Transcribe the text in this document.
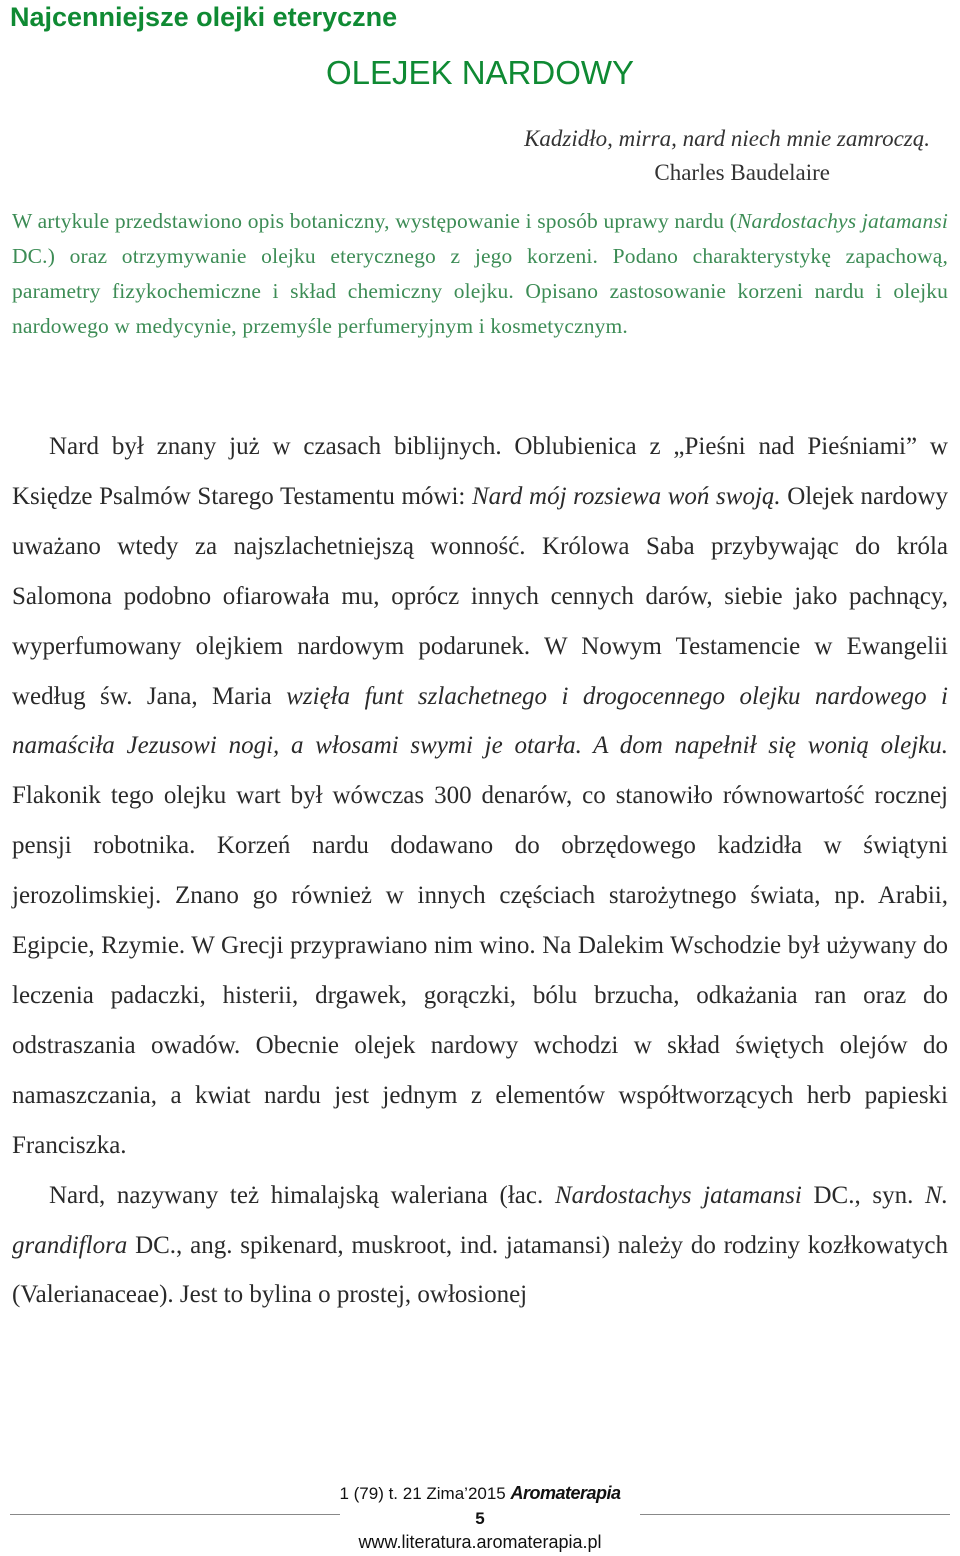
Najcenniejsze olejki eteryczne
OLEJEK NARDOWY
Kadzidło, mirra, nard niech mnie zamroczą.
Charles Baudelaire

W artykule przedstawiono opis botaniczny, występowanie i sposób uprawy nardu (Nardostachys jatamansi DC.) oraz otrzymywanie olejku eterycznego z jego korzeni. Podano charakterystykę zapachową, parametry fizykochemiczne i skład chemiczny olejku. Opisano zastosowanie korzeni nardu i olejku nardowego w medycynie, przemyśle perfumeryjnym i kosmetycznym.

Nard był znany już w czasach biblijnych. Oblubienica z „Pieśni nad Pieśniami” w Księdze Psalmów Starego Testamentu mówi: Nard mój rozsiewa woń swoją. Olejek nardowy uważano wtedy za najszlachetniejszą wonność. Królowa Saba przybywając do króla Salomona podobno ofiarowała mu, oprócz innych cennych darów, siebie jako pachnący, wyperfumowany olejkiem nardowym podarunek. W Nowym Testamencie w Ewangelii według św. Jana, Maria wzięła funt szlachetnego i drogocennego olejku nardowego i namaściła Jezusowi nogi, a włosami swymi je otarła. A dom napełnił się wonią olejku. Flakonik tego olejku wart był wówczas 300 denarów, co stanowiło równowartość rocznej pensji robotnika. Korzeń nardu dodawano do obrzędowego kadzidła w świątyni jerozolimskiej. Znano go również w innych częściach starożytnego świata, np. Arabii, Egipcie, Rzymie. W Grecji przyprawiano nim wino. Na Dalekim Wschodzie był używany do leczenia padaczki, histerii, drgawek, gorączki, bólu brzucha, odkażania ran oraz do odstraszania owadów. Obecnie olejek nardowy wchodzi w skład świętych olejów do namaszczania, a kwiat nardu jest jednym z elementów współtworzących herb papieski Franciszka.

Nard, nazywany też himalajską waleriana (łac. Nardostachys jatamansi DC., syn. N. grandiflora DC., ang. spikenard, muskroot, ind. jatamansi) należy do rodziny kozłkowatych (Valerianaceae). Jest to bylina o prostej, owłosionej

1 (79) t. 21 Zima’2015 Aromaterapia
5
www.literatura.aromaterapia.pl
